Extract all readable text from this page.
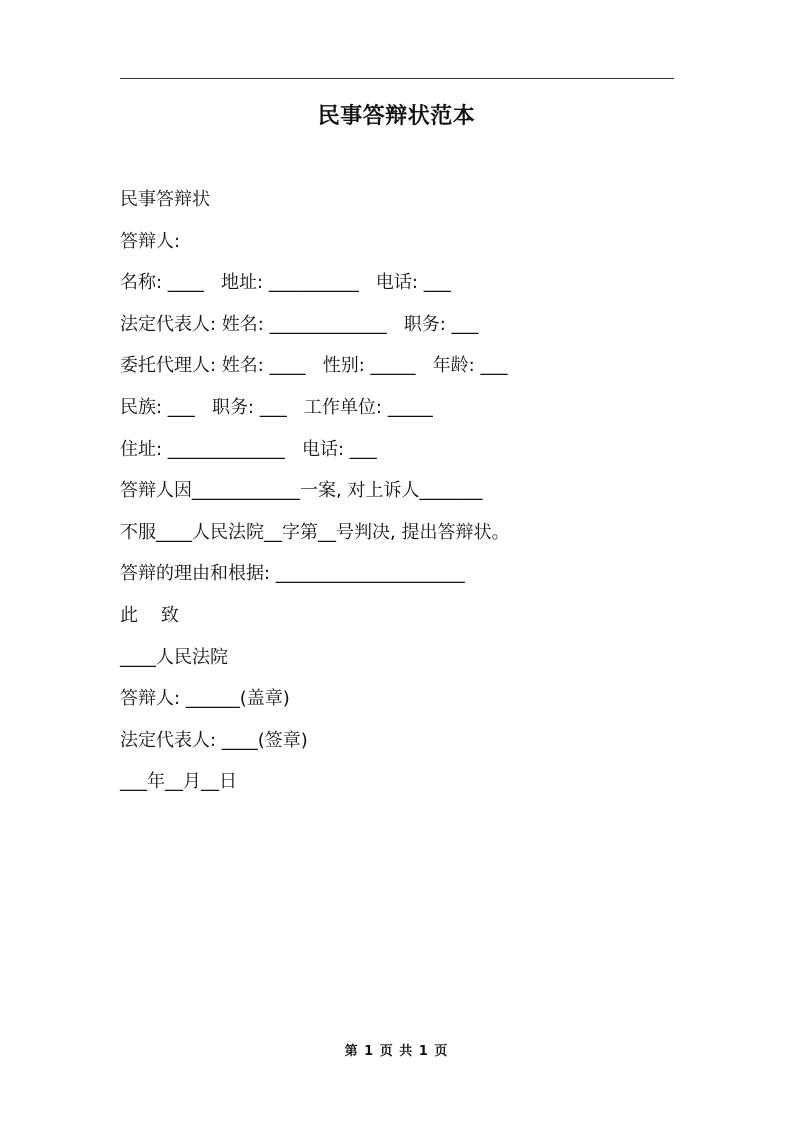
民事答辩状范本
民事答辩状
答辩人:
名称: ____   地址: __________   电话: ___
法定代表人: 姓名: _____________   职务: ___
委托代理人: 姓名: ____   性别: _____   年龄: ___
民族: ___   职务: ___   工作单位: _____
住址: _____________   电话: ___
答辩人因____________一案, 对上诉人_______
不服____人民法院__字第__号判决, 提出答辩状。
答辩的理由和根据: _____________________
此    致
____人民法院
答辩人: ______(盖章)
法定代表人: ____(签章)
___年__月__日
第 1 页 共 1 页
